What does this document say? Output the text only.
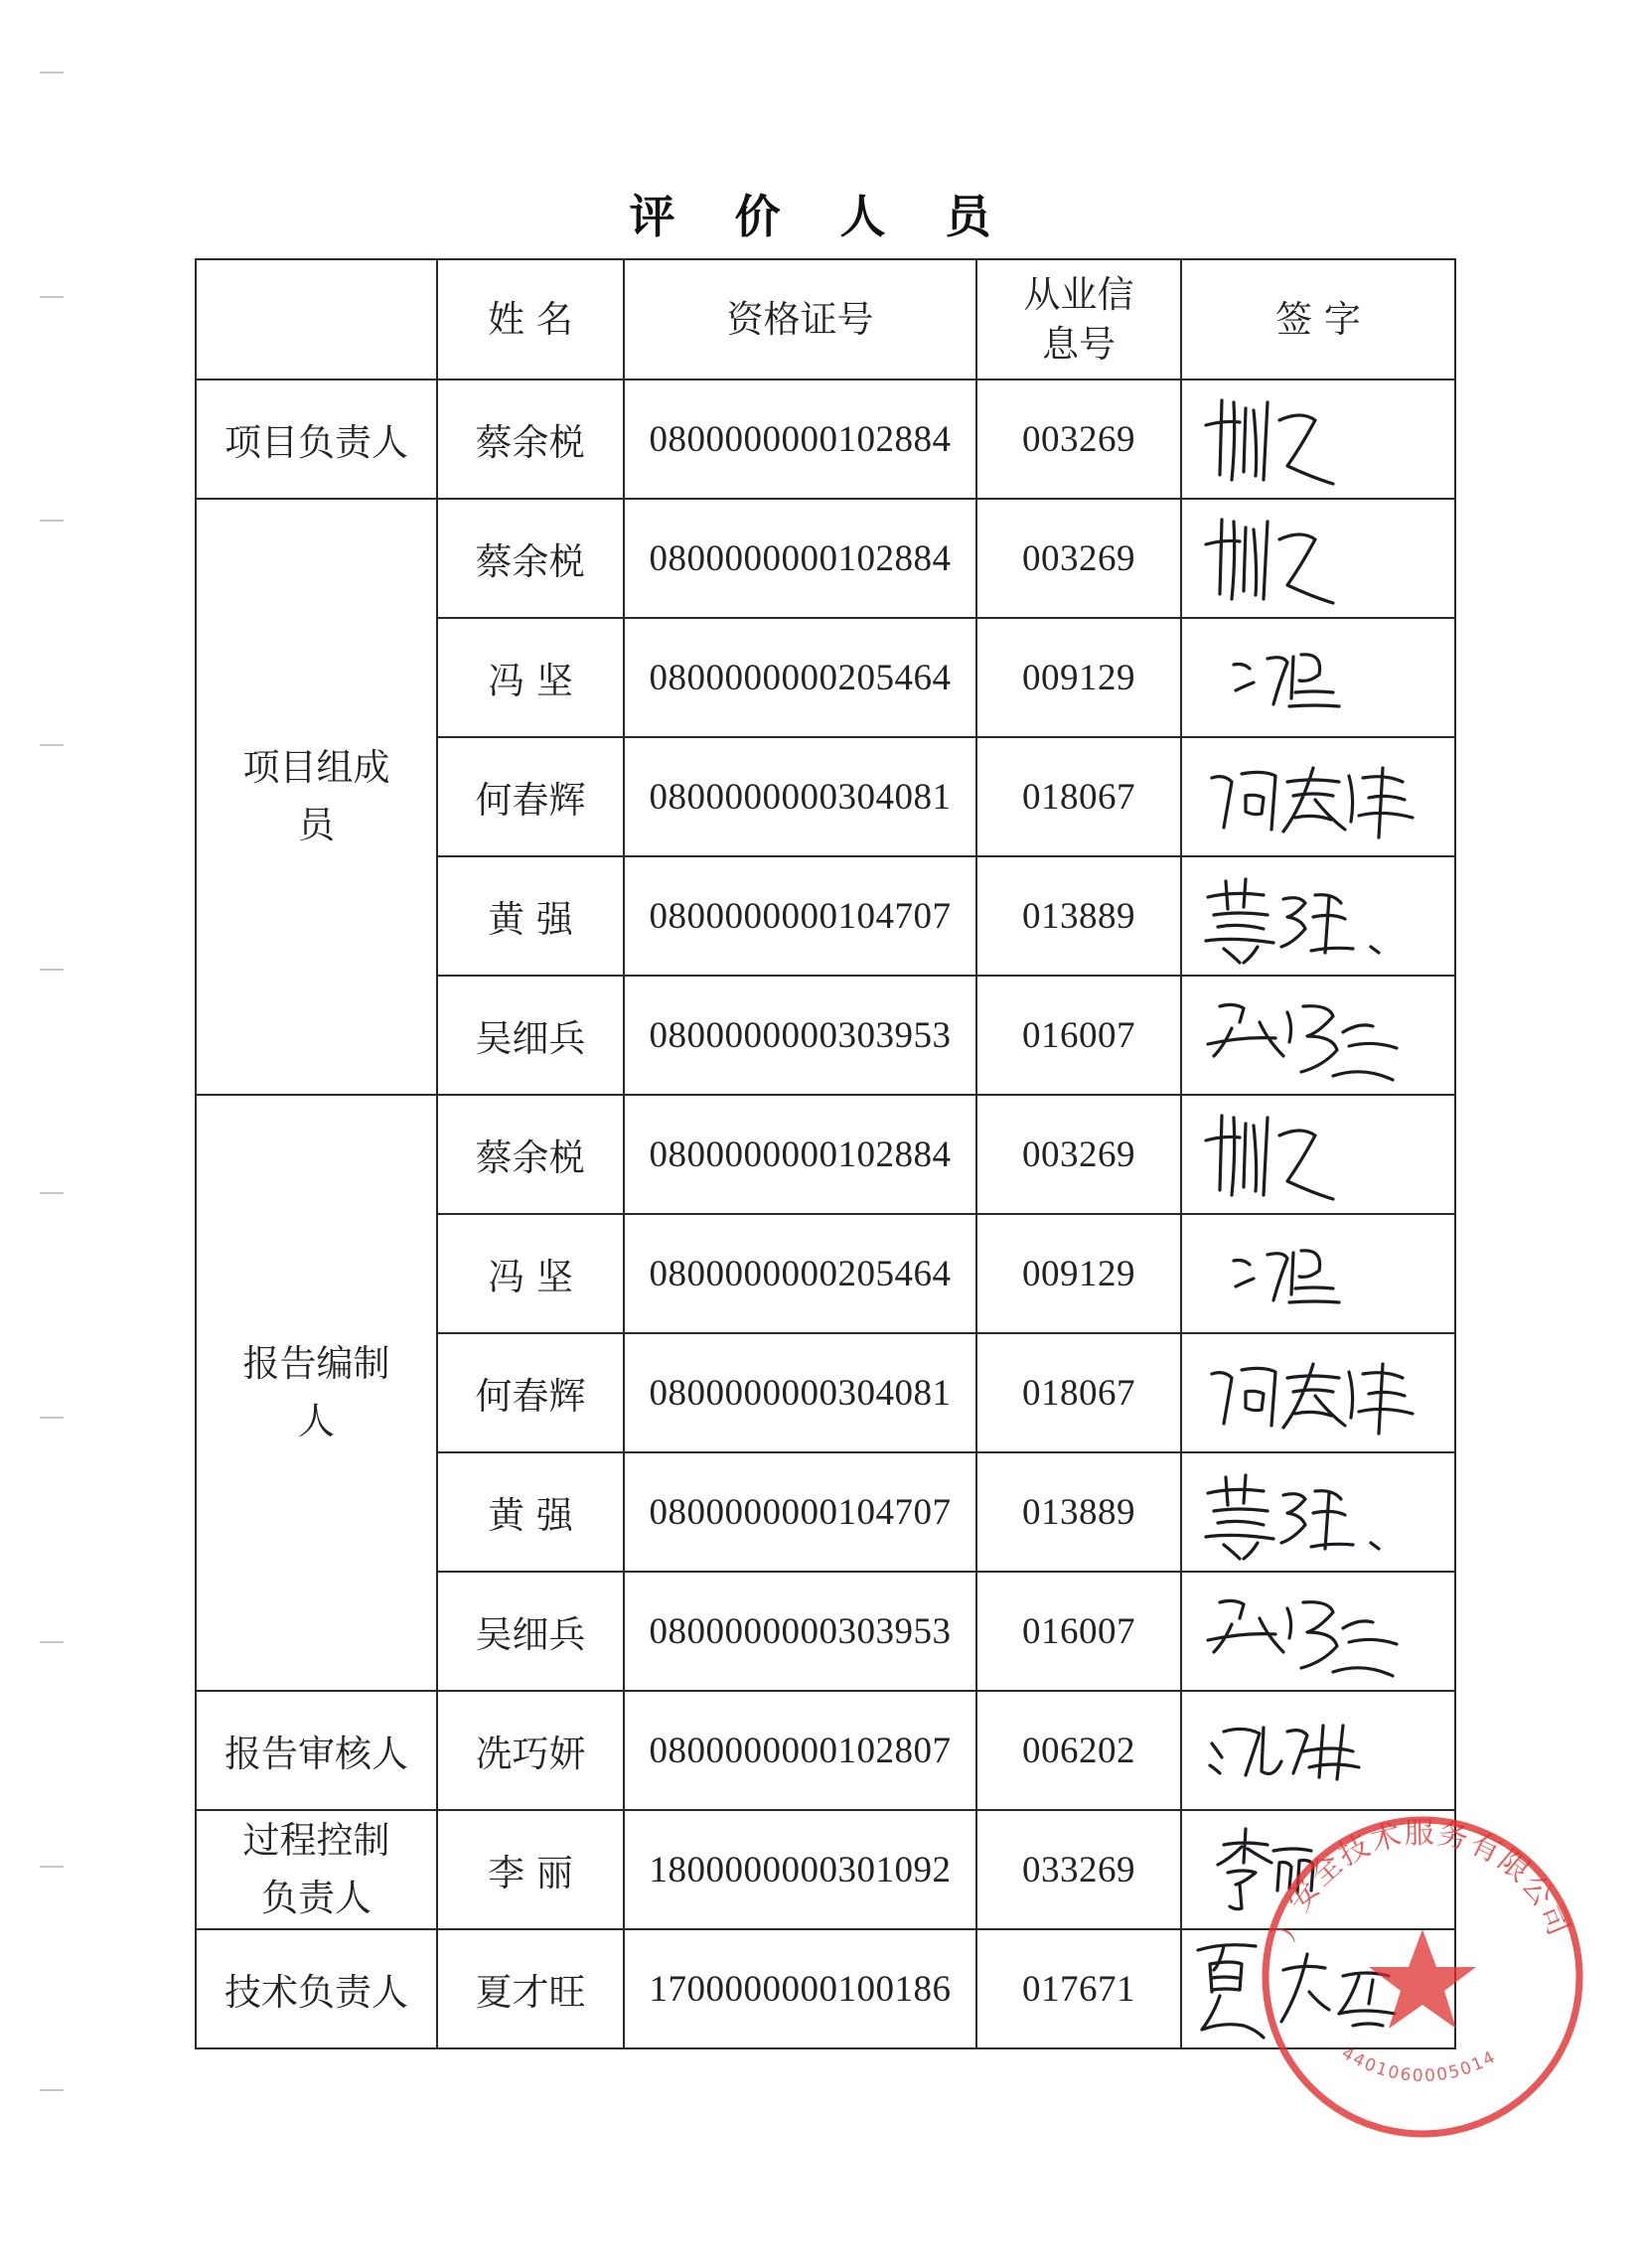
评 价 人 员
	姓 名	资格证号	从业信息号	签 字
项目负责人	蔡余棁	0800000000102884	003269	

项目组成员	蔡余棁	0800000000102884	003269	

	冯 坚	0800000000205464	009129	

	何春辉	0800000000304081	018067	

	黄 强	0800000000104707	013889	

	吴细兵	0800000000303953	016007	

报告编制人	蔡余棁	0800000000102884	003269	

	冯 坚	0800000000205464	009129	

	何春辉	0800000000304081	018067	

	黄 强	0800000000104707	013889	

	吴细兵	0800000000303953	016007	

报告审核人	冼巧妍	0800000000102807	006202	

过程控制负责人	李 丽	1800000000301092	033269	

技术负责人	夏才旺	1700000000100186	017671	
）安全技术服务有限公司
4401060005014
